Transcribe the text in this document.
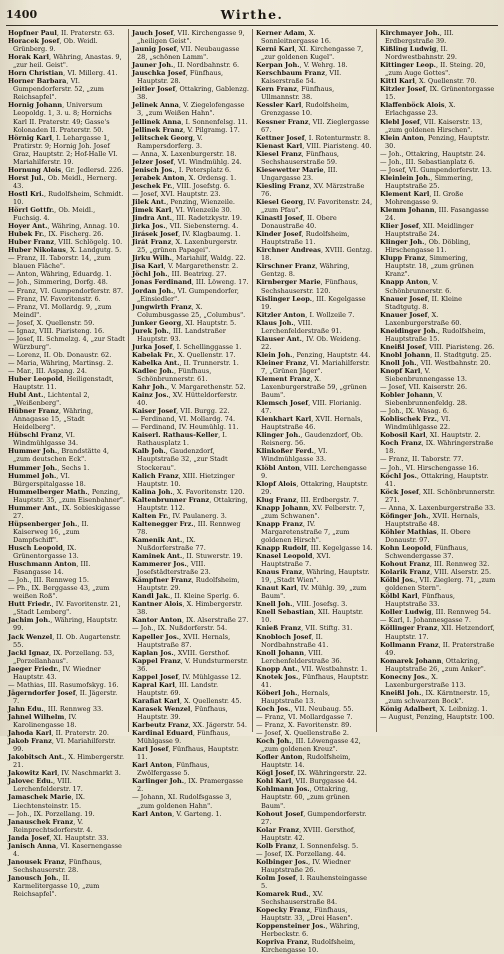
1400	Wirthe.
Hopfner Paul, II. Praterstr. 63.
Horacek Josef, Ob. Weidl. Grünberg. 9.
Horak Karl, Währing, Anastas. 9, „zur heil. Geist".
Horn Christian, VI. Millerg. 41.
Horner Barbara, VI. Gumpendorferstr. 52, „zum Reichsapfel".
Hornig Johann, Universum Leopoldg. 1, 3. u. 8; Hornichs Karl II. Praterstr. 49; Gasse's Kolonaden II. Praterstr. 50.
Hörnig Karl, I. Lehargasse 1, Pratirstr. 9; Hornig Joh. Josef Graz, Hauptstr. 2; Hof-Halle VI. Mariahilferstr. 19.
Hornung Alois, Gr. Jedlersd. 226.
Horst Jul., Ob. Meidl., Hernerg. 43.
Hostl Kri., Rudolfsheim, Schmidt. 10.
Hörrl Gottfr., Ob. Meidl., Fuchsig. 4.
Hoyer Ant., Währing, Annag. 10.
Hubek Fr., IX. Fischerg. 26.
Huber Franz, VIII. Schlögelg. 10.
Huber Nikolaus, X. Landgutg. 5.
— Franz, II. Taborstr. 14, „zum blauen Fläche".
— Anton, Währing, Eduardg. 1.
— Joh., Simmering, Dorfg. 48.
— Franz, VI. Gumpendorferstr. 87.
— Franz, IV. Favoritenstr. 6.
— Franz, VI. Mollardg. 9, „zum Meindl".
— Josef, X. Quellenstr. 59.
— Ignaz, VIII. Piaristeng. 16.
— Josef, II. Schmelzg. 4, „zur Stadt Würzburg".
— Lorenz, II. Ob. Donaustr. 62.
— Maria, Währing, Martinsg. 2.
— Mar., III. Aspang. 24.
Huber Leopold, Heiligenstadt, Hauptstr. 11.
Hubl Ant., Lichtental 2, „Weißenberg".
Hübner Franz, Währing, Annagasse 15, „Stadt Heidelberg".
Hübschl Franz, VI. Windmühlgasse 34.
Hummer Joh., Brandstätte 4, „zum deutschen Eck".
Hummer Joh., Sechs 1.
Hummel Joh., VI. Bürgerspitalgasse 18.
Hummelberger Math., Penzing, Hauptstr. 35, „zum Eisenbahner".
Hummer Ant., IX. Sobieskigasse 27.
Hüpsenberger Joh., II. Kaiserweg 16, „zum Dampfschiff".
Husch Leopold, IX. Grünentorgasse 13.
Huschmann Anton, III. Fasangasse 14.
— Joh., III. Rennweg 15.
— Ph., IX. Berggasse 43, „zum weißen Roß".
Hutt Friedr., IV. Favoritenstr. 21, „Stadt Lemberg".
Jachim Joh., Währing, Hauptstr. 99.
Jack Wenzel, II. Ob. Augartenstr. 55.
Jackl Ignaz, IX. Porzellang. 53, „Porzellanhaus".
Jaeger Friedr., IV. Wiedner Hauptstr. 43.
— Mathias, III. Rasumofskyg. 16.
Jägerndorfer Josef, II. Jägerstr. 7.
Jahn Edu., III. Rennweg 33.
Jahnel Wilhelm, IV. Karolinengasse 18.
Jahoda Karl, II. Praterstr. 20.
Jakob Franz, VI. Mariahilferstr. 99.
Jakobitsch Ant., X. Himbergerstr. 21.
Jakowitz Karl, IV. Naschmarkt 3.
Jalovec Edu., VIII. Lerchenfelderstr. 17.
Jamaschek Marie, IX. Liechtensteinstr. 15.
— Joh., IX. Porzellang. 19.
Janauschek Franz, V. Reinprechtsdorferstr. 4.
Janda Josef, XI. Hauptstr. 33.
Janisch Anna, VI. Kasernengasse 4.
Janousek Franz, Fünfhaus, Sechshauserstr. 28.
Janousch Joh., II. Karmelitergasse 10, „zum Reichsapfel".
Jauch Josef, VII. Kirchengasse 9, „heiligen Geist".
Jaunig Josef, VII. Neubaugasse 28, „schönen Lamm".
Jauner Joh., II. Nordbahnstr. 6.
Jauschka Josef, Fünfhaus, Hauptstr. 28.
Jeitler Josef, Ottakring, Gablenzg. 38.
Jelinek Anna, V. Ziegelofengasse 3, „zum Weißen Hahn".
Jellinek Anna, I. Sonnenfelsg. 11.
Jellinek Franz, V. Pilgramg. 17.
Jelitschek Georg, V. Rampersdorferg. 3.
— Anna, X. Laxenburgerstr. 18.
Jelzer Josef, VI. Windmühlg. 24.
Jenisch Jos., I. Petersplatz 6.
Jerabek Anton, X. Ordensg. 1.
Jeschek Fr., VIII. Josefstg. 6.
— Josef, XVI. Hauptstr. 23.
Jilek Ant., Penzing, Wienzeile.
Jimek Karl, VI. Wienzeile 30.
Jindra Ant., III. Radetzkystr. 19.
Jirka Jos., VII. Siebensterng. 4.
Jirásek Josef, IV. Klagbaumg. 1.
Jirát Franz, X. Laxenburgerstr. 25, „grünen Papagei".
Jirku Wilh., Mariahilf, Waldg. 22.
Jisa Karl, V. Margarethenstr. 2.
Jöchl Joh., III. Beatrixg. 27.
Jonas Ferdinand, III. Löweng. 17.
Jordan Joh., VI. Gumpendorfer, „Einsiedler".
Jungwirth Franz, X. Columbusgasse 25, „Columbus".
Junker Georg, XI. Hauptstr. 5.
Jurek Joh., III. Landstraßer Hauptstr. 93.
Jurka Josef, I. Schellinggasse 1.
Kabelak Fr., X. Quellenstr. 17.
Kabelka Ant., II. Trunnerstr. 1.
Kadlec Joh., Fünfhaus, Schönbrunnerstr. 61.
Kahr Joh., V. Margarethenstr. 52.
Kainz Jos., XV. Hütteldorferstr. 40.
Kaiser Josef, VII. Burgg. 22.
— Ferdinand, VI. Mollardg. 74.
— Ferdinand, IV. Heumühlg. 11.
Kaiserl. Rathaus-Keller, I. Rathausplatz 1.
Kalb Joh., Gaudenzdorf, Hauptstraße 32, „zur Stadt Stockerau".
Kalich Franz, XIII. Hietzinger Hauptstr. 10.
Kalina Joh., X. Favoritenstr. 120.
Kaltenbrunner Franz, Ottakring, Hauptstr. 112.
Kalten Fr., IV. Paulanerg. 3.
Kaltenegger Frz., III. Rennweg 78.
Kamenik Ant., IX. Nußdorferstraße 77.
Kaminek Ant., II. Stuwerstr. 19.
Kammerer Jos., VIII. Josefstädterstraße 23.
Kämpfner Franz, Rudolfsheim, Hauptstr. 29.
Kandl Jak., II. Kleine Sperlg. 6.
Kantner Alois, X. Himbergerstr. 38.
Kantor Anton, IX. Alserstraße 27.
— Joh., IX. Nußdorferstr. 54.
Kapeller Jos., XVII. Hernals, Hauptstraße 87.
Kaplan Jos., XVIII. Gersthof.
Kappel Franz, V. Hundsturmerstr. 36.
Kappel Josef, IV. Mühlgasse 12.
Kapral Karl, III. Landstr. Hauptstr. 69.
Karafiat Karl, X. Quellenstr. 45.
Karasek Wenzel, Fünfhaus, Hauptstr. 39.
Karbeutz Franz, XX. Jägerstr. 54.
Kardinal Eduard, Fünfhaus, Mühlgasse 9.
Karl Josef, Fünfhaus, Hauptstr. 11.
Karl Anton, Fünfhaus, Zwölfergasse 5.
Karlinger Joh., IX. Pramergasse 2.
— Johann, XI. Rudolfsgasse 3, „zum goldenen Hahn".
Karl Anton, V. Garteng. 1.
Kerner Adam, X. Sonnleitnergasse 16.
Kerni Karl, XI. Kirchengasse 7, „zur goldenen Kugel".
Kerpan Joh., V. Wehrg. 18.
Kerschbaum Franz, VII. Kaiserstraße 54.
Kern Franz, Fünfhaus, Ullmannstr. 38.
Kessler Karl, Rudolfsheim, Grenzgasse 10.
Kessner Franz, VII. Zieglergasse 67.
Kettner Josef, I. Rotenturmstr. 8.
Kienast Karl, VIII. Piaristeng. 40.
Kiesel Franz, Fünfhaus, Sechshauserstraße 59.
Kiesewetter Marie, III. Ungargasse 23.
Kiesling Franz, XV. Märzstraße 76.
Kiesel Georg, IV. Favoritenstr. 24, „zum Pfau".
Kinastl Josef, II. Obere Donaustraße 40.
Kinder Josef, Rudolfsheim, Hauptstraße 11.
Kirchner Andreas, XVIII. Gentzg. 18.
Kirschner Franz, Währing, Gentzg. 8.
Kirnberger Marie, Fünfhaus, Sechshauserstr. 120.
Kislinger Leop., III. Kegelgasse 19.
Kitzler Anton, I. Wollzeile 7.
Klaus Joh., VIII. Lerchenfelderstraße 91.
Klauser Ant., IV. Ob. Weideng. 22.
Klein Joh., Penzing, Hauptstr. 44.
Kleiner Franz, VI. Mariahilferstr. 7, „Grünen Jäger".
Klement Franz, X. Laxenburgerstraße 59, „grünen Baum".
Klemsch Josef, VIII. Florianig. 47.
Klenkhart Karl, XVII. Hernals, Hauptstraße 46.
Klinger Joh., Gaudenzdorf, Ob. Reisnerg. 56.
Klinkoßer Ferd., VI. Windmühlgasse 33.
Klöbl Anton, VIII. Lerchengasse 9.
Klopf Alois, Ottakring, Hauptstr. 29.
Klug Franz, III. Erdbergstr. 7.
Knapp Johann, XV. Felberstr. 7, „zum Schwanen".
Knapp Franz, IV. Margaretenstraße 7, „zum goldenen Hirsch".
Knapp Rudolf, III. Kegelgasse 14.
Knasel Leopold, XVI. Hauptstraße 7.
Knaus Franz, Währing, Hauptstr. 19, „Stadt Wien".
Knaut Karl, IV. Mühlg. 39, „zum Baum".
Knell Joh., VIII. Josefsg. 3.
Knell Sebastian, XII. Hauptstr. 10.
Knieß Franz, VII. Stiftg. 31.
Knobloch Josef, II. Nordbahnstraße 41.
Knoll Johann, VIII. Lerchenfelderstraße 36.
Knopp Ant., VII. Westbahnstr. 1.
Knotek Jos., Fünfhaus, Hauptstr. 41.
Köberl Joh., Hernals, Hauptstraße 13.
Koch Jos., VII. Neubaug. 55.
— Franz, VI. Mollardgasse 7.
— Franz, X. Favoritenstr. 89.
— Josef, X. Quellenstraße 2.
Koch Joh., III. Löwengasse 42, „zum goldenen Kreuz".
Kofler Anton, Rudolfsheim, Hauptstr. 14.
Kögl Josef, IX. Währingerstr. 22.
Kohl Karl, VII. Burggasse 44.
Kohlmann Jos., Ottakring, Hauptstr. 60, „zum grünen Baum".
Kohout Josef, Gumpendorferstr. 27.
Kolar Franz, XVIII. Gersthof, Hauptstr. 42.
Kolb Franz, I. Sonnenfelsg. 5.
— Josef, IX. Porzellang. 44.
Kolbinger Jos., IV. Wiedner Hauptstraße 26.
Kolm Josef, I. Rauhensteingasse 5.
Komarek Rud., XV. Sechshauserstraße 84.
Kopecky Franz, Fünfhaus, Hauptstr. 33, „Drei Hasen".
Koppensteiner Jos., Währing, Herbeckstr. 6.
Kopriva Franz, Rudolfsheim, Kirchengasse 10.
Kirchmayer Joh., III. Erdbergstraße 39.
Kißling Ludwig, II. Nordwestbahnstr. 29.
Kittinger Leop., II. Steing. 20, „zum Auge Gottes".
Kittl Karl, X. Quellenstr. 70.
Kitzler Josef, IX. Grünentorgasse 15.
Klaffenböck Alois, X. Erlachgasse 23.
Klebl Josef, VII. Kaiserstr. 13, „zum goldenen Hirschen".
Klein Anton, Penzing, Hauptstr. 30.
— Joh., Ottakring, Hauptstr. 24.
— Joh., III. Sebastianplatz 6.
— Josef, VI. Gumpendorferstr. 13.
Kleinlein Joh., Simmering, Hauptstraße 25.
Klement Karl, II. Große Mohrengasse 9.
Klemm Johann, III. Fasangasse 24.
Klier Josef, XII. Meidlinger Hauptstraße 24.
Klinger Joh., Ob. Döbling, Hirschengasse 11.
Klupp Franz, Simmering, Hauptstr. 18, „zum grünen Kranz".
Knapp Anton, V. Schönbrunnerstr. 6.
Knauer Josef, II. Kleine Stadtgutg. 8.
Knauer Josef, X. Laxenburgerstraße 60.
Kneidinger Joh., Rudolfsheim, Hauptstraße 15.
Kneißl Josef, VIII. Piaristeng. 26.
Knobl Johann, II. Stadtgutg. 25.
Knoll Joh., VII. Westbahnstr. 20.
Knopf Karl, V. Siebenbrunnengasse 13.
— Josef, VII. Kaiserstr. 26.
Kobler Johann, V. Siebenbrunnenfeldg. 28.
— Joh., IX. Wasag. 6.
Koblischek Frz., VI. Windmühlgasse 22.
Kobosil Karl, XI. Hauptstr. 2.
Koch Franz, IX. Währingerstraße 18.
— Franz, II. Taborstr. 77.
— Joh., VI. Hirschengasse 16.
Köchl Jos., Ottakring, Hauptstr. 41.
Köck Josef, XII. Schönbrunnerstr. 271.
— Anna, X. Laxenburgerstraße 33.
Köfinger Joh., XVII. Hernals, Hauptstraße 48.
Köhler Mathias, II. Obere Donaustr. 97.
Kohn Leopold, Fünfhaus, Schwendergasse 37.
Kohout Franz, III. Rennweg 32.
Kolarik Franz, VIII. Alserstr. 25.
Kölbl Jos., VII. Zieglerg. 71, „zum goldenen Stern".
Kölbl Karl, Fünfhaus, Hauptstraße 33.
Koller Ludwig, III. Rennweg 54.
— Karl, I. Johannesgasse 7.
Köllinger Franz, XII. Hetzendorf, Hauptstr. 17.
Kollmann Franz, II. Praterstraße 49.
Komarek Johann, Ottakring, Hauptstraße 26, „zum Anker".
Konecny Jos., X. Laxenburgerstraße 113.
Kneißl Joh., IX. Kärntnerstr. 15, „zum schwarzen Bock".
König Adalbert, X. Leibnizg. 1.
— August, Penzing, Hauptstr. 100.
